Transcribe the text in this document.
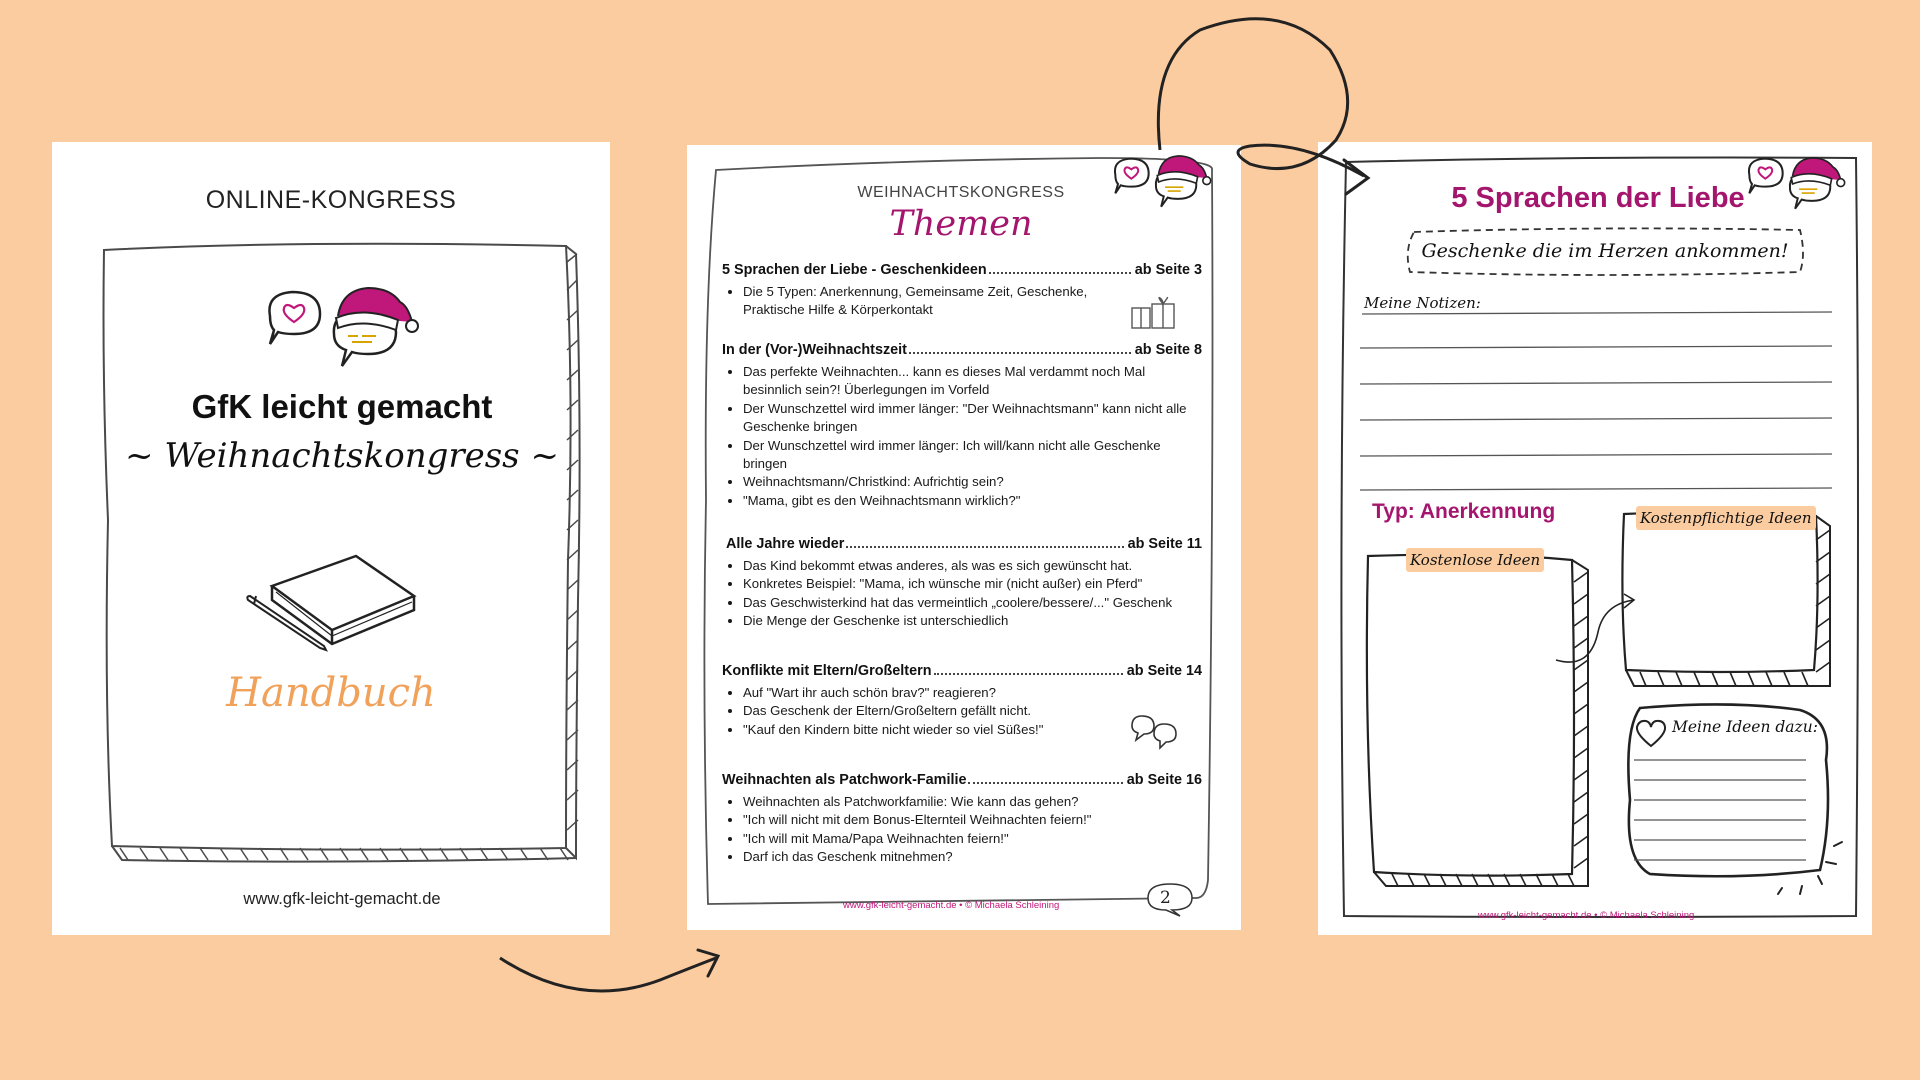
ONLINE-KONGRESS
GfK leicht gemacht
~ Weihnachtskongress ~
Handbuch
www.gfk-leicht-gemacht.de
WEIHNACHTSKONGRESS
Themen
5 Sprachen der Liebe - Geschenkideen	ab Seite 3
• Die 5 Typen: Anerkennung, Gemeinsame Zeit, Geschenke, Praktische Hilfe & Körperkontakt
In der (Vor-)Weihnachtszeit	ab Seite 8
• Das perfekte Weihnachten... kann es dieses Mal verdammt noch Mal besinnlich sein?! Überlegungen im Vorfeld
• Der Wunschzettel wird immer länger: "Der Weihnachtsmann" kann nicht alle Geschenke bringen
• Der Wunschzettel wird immer länger: Ich will/kann nicht alle Geschenke bringen
• Weihnachtsmann/Christkind: Aufrichtig sein?
• "Mama, gibt es den Weihnachtsmann wirklich?"
Alle Jahre wieder	ab Seite 11
• Das Kind bekommt etwas anderes, als was es sich gewünscht hat.
• Konkretes Beispiel: "Mama, ich wünsche mir (nicht außer) ein Pferd"
• Das Geschwisterkind hat das vermeintlich „coolere/bessere/..." Geschenk
• Die Menge der Geschenke ist unterschiedlich
Konflikte mit Eltern/Großeltern	ab Seite 14
• Auf "Wart ihr auch schön brav?" reagieren?
• Das Geschenk der Eltern/Großeltern gefällt nicht.
• "Kauf den Kindern bitte nicht wieder so viel Süßes!"
Weihnachten als Patchwork-Familie	ab Seite 16
• Weihnachten als Patchworkfamilie: Wie kann das gehen?
• "Ich will nicht mit dem Bonus-Elternteil Weihnachten feiern!"
• "Ich will mit Mama/Papa Weihnachten feiern!"
• Darf ich das Geschenk mitnehmen?
www.gfk-leicht-gemacht.de • © Michaela Schleining	2
5 Sprachen der Liebe
Geschenke die im Herzen ankommen!
Meine Notizen:
Typ: Anerkennung
Kostenlose Ideen
Kostenpflichtige Ideen
Meine Ideen dazu:
www.gfk-leicht-gemacht.de • © Michaela Schleining
